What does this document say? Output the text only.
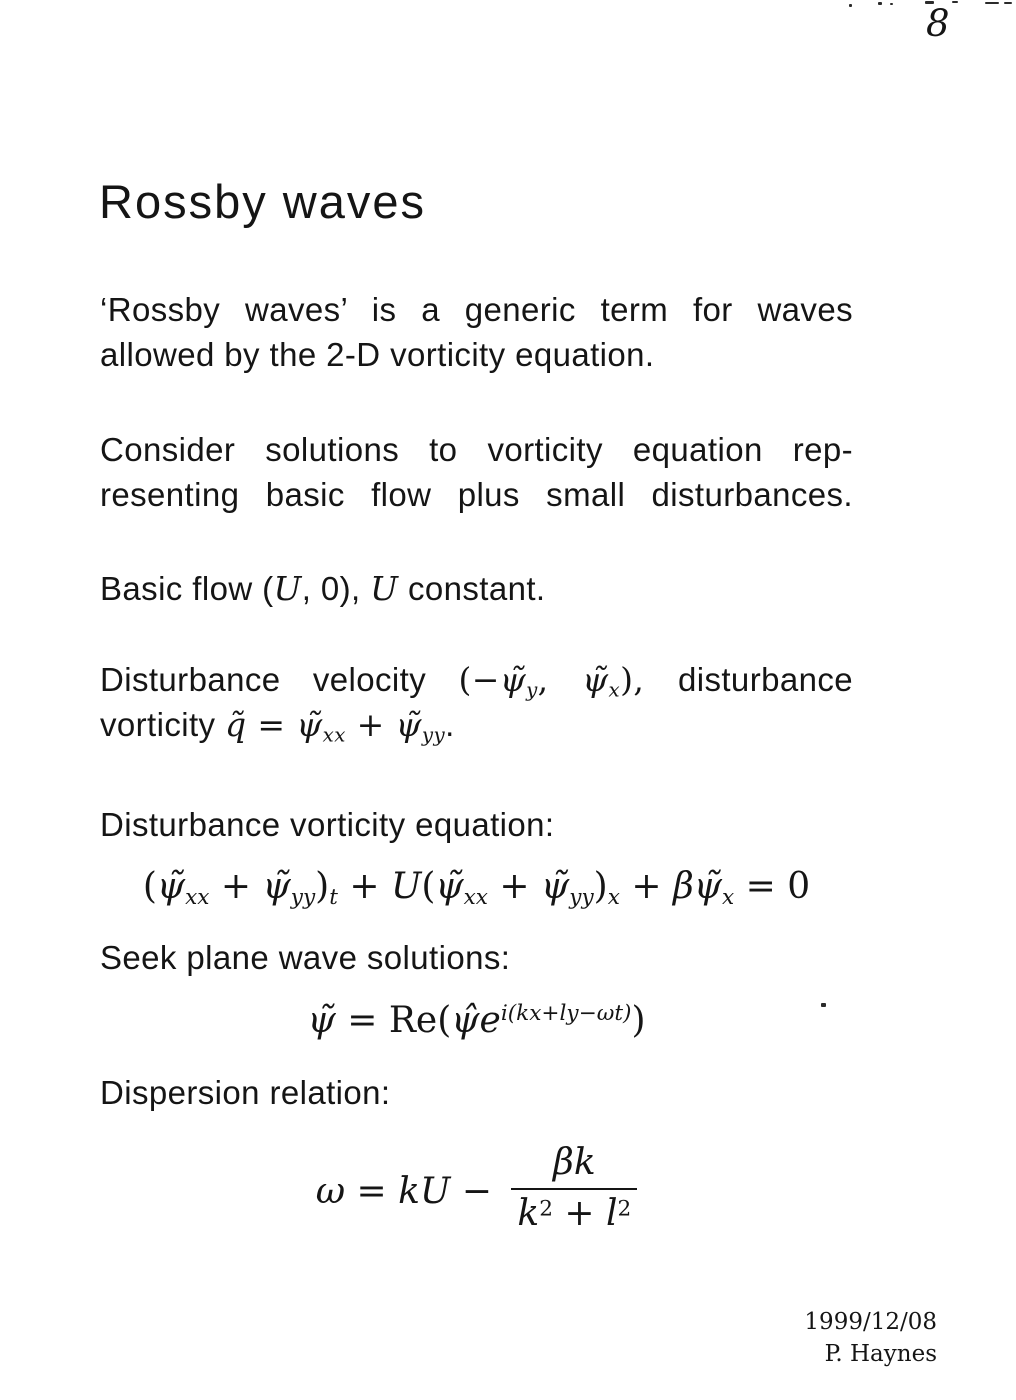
8
Rossby waves
‘Rossby waves’ is a generic term for waves
allowed by the 2-D vorticity equation.
Consider solutions to vorticity equation rep-
resenting basic flow plus small disturbances.
Basic flow (U, 0), U constant.
Disturbance velocity ($-\psĩ_y$, $\psĩ_x$), disturbance
vorticity q̃ = $\psĩ_{xx}$ + $\psĩ_{yy}$.
Disturbance vorticity equation:
($\psĩ_{xx}$ + $\psĩ_{yy})_t$ + $U(\psĩ_{xx}$ + $\psĩ_{yy})_x$ + $\beta\psĩ_x = 0$
Seek plane wave solutions:
ψ̃ = $Re(\psîe^{i(kx+ly-\omega t)})$
Dispersion relation:
ω = kU − $\frac{\beta k}{k^2 + l^2}$
1999/12/08
P. Haynes
